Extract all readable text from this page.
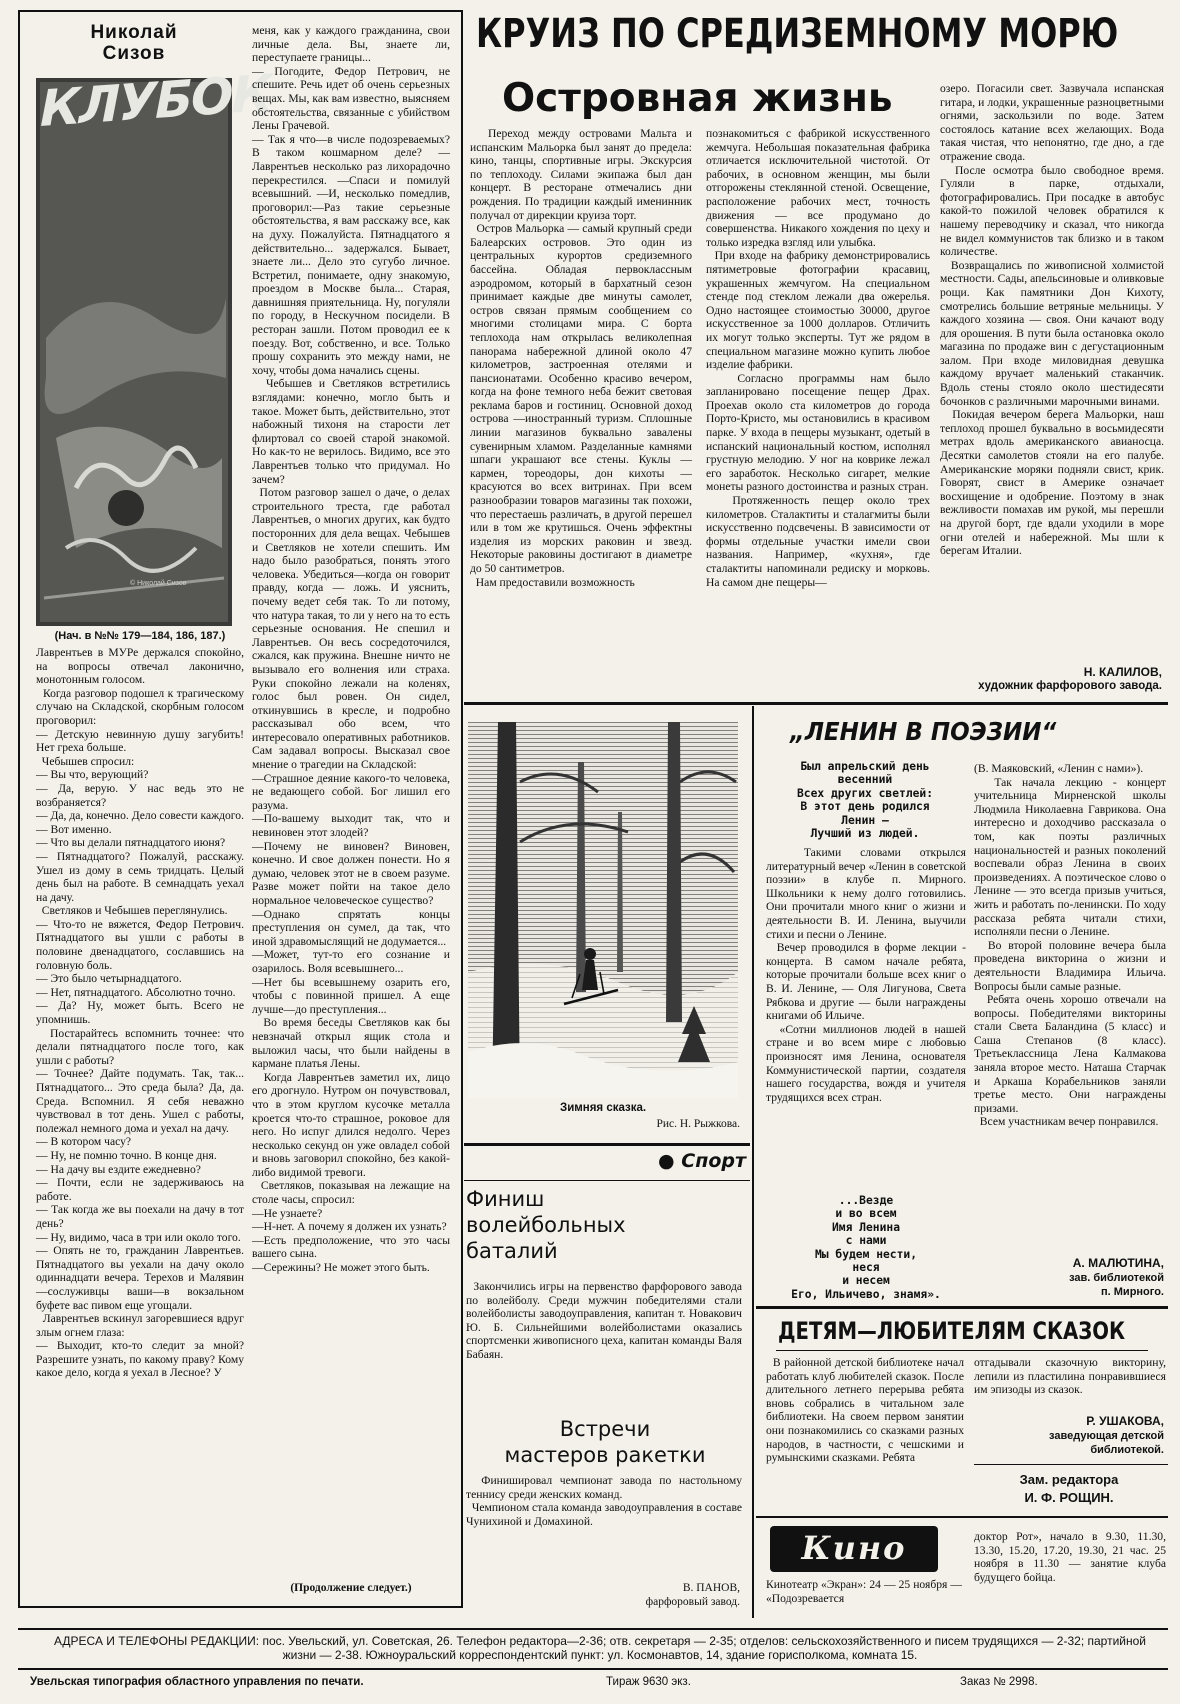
Николай
Сизов
КЛУБОК
© Николай Сизов
(Нач. в №№ 179—184, 186, 187.)

Лаврентьев в МУРе держался спокойно, на вопросы отвечал лаконично, монотонным голосом.
Когда разговор подошел к трагическому случаю на Складской, скорбным голосом проговорил:
— Детскую невинную душу загубить! Нет греха больше.
Чебышев спросил:
— Вы что, верующий?
— Да, верую. У нас ведь это не возбраняется?
— Да, да, конечно. Дело совести каждого.
— Вот именно.
— Что вы делали пятнадцатого июня?
— Пятнадцатого? Пожалуй, расскажу. Ушел из дому в семь тридцать. Целый день был на работе. В семнадцать уехал на дачу.
Светляков и Чебышев переглянулись.
— Что-то не вяжется, Федор Петрович. Пятнадцатого вы ушли с работы в половине двенадцатого, сославшись на головную боль.
— Это было четырнадцатого.
— Нет, пятнадцатого. Абсолютно точно.
— Да? Ну, может быть. Всего не упомнишь.
Постарайтесь вспомнить точнее: что делали пятнадцатого после того, как ушли с работы?
— Точнее? Дайте подумать. Так, так... Пятнадцатого... Это среда была? Да, да. Среда. Вспомнил. Я себя неважно чувствовал в тот день. Ушел с работы, полежал немного дома и уехал на дачу.
— В котором часу?
— Ну, не помню точно. В конце дня.
— На дачу вы ездите ежедневно?
— Почти, если не задерживаюсь на работе.
— Так когда же вы поехали на дачу в тот день?
— Ну, видимо, часа в три или около того.
— Опять не то, гражданин Лаврентьев. Пятнадцатого вы уехали на дачу около одиннадцати вечера. Терехов и Малявин—сослуживцы ваши—в вокзальном буфете вас пивом еще угощали.
Лаврентьев вскинул загоревшиеся вдруг злым огнем глаза:
— Выходит, кто-то следит за мной? Разрешите узнать, по какому праву? Кому какое дело, когда я уехал в Лесное? У

меня, как у каждого гражданина, свои личные дела. Вы, знаете ли, переступаете границы...
— Погодите, Федор Петрович, не спешите. Речь идет об очень серьезных вещах. Мы, как вам известно, выясняем обстоятельства, связанные с убийством Лены Грачевой.
— Так я что—в числе подозреваемых? В таком кошмарном деле? — Лаврентьев несколько раз лихорадочно перекрестился. —Спаси и помилуй всевышний. —И, несколько помедлив, проговорил:—Раз такие серьезные обстоятельства, я вам расскажу все, как на духу. Пожалуйста. Пятнадцатого я действительно... задержался. Бывает, знаете ли... Дело это сугубо личное. Встретил, понимаете, одну знакомую, проездом в Москве была... Старая, давнишняя приятельница. Ну, погуляли по городу, в Нескучном посидели. В ресторан зашли. Потом проводил ее к поезду. Вот, собственно, и все. Только прошу сохранить это между нами, не хочу, чтобы дома начались сцены.
Чебышев и Светляков встретились взглядами: конечно, могло быть и такое. Может быть, действительно, этот набожный тихоня на старости лет флиртовал со своей старой знакомой. Но как-то не верилось. Видимо, все это Лаврентьев только что придумал. Но зачем?
Потом разговор зашел о даче, о делах строительного треста, где работал Лаврентьев, о многих других, как будто посторонних для дела вещах. Чебышев и Светляков не хотели спешить. Им надо было разобраться, понять этого человека. Убедиться—когда он говорит правду, когда — ложь. И уяснить, почему ведет себя так. То ли потому, что натура такая, то ли у него на то есть серьезные основания. Не спешил и Лаврентьев. Он весь сосредоточился, сжался, как пружина. Внешне ничто не вызывало его волнения или страха. Руки спокойно лежали на коленях, голос был ровен. Он сидел, откинувшись в кресле, и подробно рассказывал обо всем, что интересовало оперативных работников. Сам задавал вопросы. Высказал свое мнение о трагедии на Складской:
—Страшное деяние какого-то человека, не ведающего собой. Бог лишил его разума.
—По-вашему выходит так, что и невиновен этот злодей?
—Почему не виновен? Виновен, конечно. И свое должен понести. Но я думаю, человек этот не в своем разуме. Разве может пойти на такое дело нормальное человеческое существо?
—Однако спрятать концы преступления он сумел, да так, что иной здравомыслящий не додумается...
—Может, тут-то его сознание и озарилось. Воля всевышнего...
—Нет бы всевышнему озарить его, чтобы с повинной пришел. А еще лучше—до преступления...
Во время беседы Светляков как бы невзначай открыл ящик стола и выложил часы, что были найдены в кармане платья Лены.
Когда Лаврентьев заметил их, лицо его дрогнуло. Нутром он почувствовал, что в этом круглом кусочке металла кроется что-то страшное, роковое для него. Но испуг длился недолго. Через несколько секунд он уже овладел собой и вновь заговорил спокойно, без какой-либо видимой тревоги.
Светляков, показывая на лежащие на столе часы, спросил:
—Не узнаете?
—Н-нет. А почему я должен их узнать?
—Есть предположение, что это часы вашего сына.
—Сережины? Не может этого быть.

(Продолжение следует.)
КРУИЗ ПО СРЕДИЗЕМНОМУ МОРЮ
Островная жизнь

Переход между островами Мальта и испанским Мальорка был занят до предела: кино, танцы, спортивные игры. Экскурсия по теплоходу. Силами экипажа был дан концерт. В ресторане отмечались дни рождения. По традиции каждый именинник получал от дирекции круиза торт.
Остров Мальорка — самый крупный среди Балеарских островов. Это один из центральных курортов средиземного бассейна. Обладая первоклассным аэродромом, который в бархатный сезон принимает каждые две минуты самолет, остров связан прямым сообщением со многими столицами мира. С борта теплохода нам открылась великолепная панорама набережной длиной около 47 километров, застроенная отелями и пансионатами. Особенно красиво вечером, когда на фоне темного неба бежит световая реклама баров и гостиниц. Основной доход острова —иностранный туризм. Сплошные линии магазинов буквально завалены сувенирным хламом. Разделанные камнями шпаги украшают все стены. Куклы — кармен, тореодоры, дон кихоты — красуются во всех витринах. При всем разнообразии товаров магазины так похожи, что перестаешь различать, в другой перешел или в том же крутишься. Очень эффектны изделия из морских раковин и звезд. Некоторые раковины достигают в диаметре до 50 сантиметров.
Нам предоставили возможность

познакомиться с фабрикой искусственного жемчуга. Небольшая показательная фабрика отличается исключительной чистотой. От рабочих, в основном женщин, мы были отгорожены стеклянной стеной. Освещение, расположение рабочих мест, точность движения — все продумано до совершенства. Никакого хождения по цеху и только изредка взгляд или улыбка.
При входе на фабрику демонстрировались пятиметровые фотографии красавиц, украшенных жемчугом. На специальном стенде под стеклом лежали два ожерелья. Одно настоящее стоимостью 30000, другое искусственное за 1000 долларов. Отличить их могут только эксперты. Тут же рядом в специальном магазине можно купить любое изделие фабрики.
Согласно программы нам было запланировано посещение пещер Драх. Проехав около ста километров до города Порто-Кристо, мы остановились в красивом парке. У входа в пещеры музыкант, одетый в испанский национальный костюм, исполнял грустную мелодию. У ног на коврике лежал его заработок. Несколько сигарет, мелкие монеты разного достоинства и разных стран.
Протяженность пещер около трех километров. Сталактиты и сталагмиты были искусственно подсвечены. В зависимости от формы отдельные участки имели свои названия. Например, «кухня», где сталактиты напоминали редиску и морковь. На самом дне пещеры—

озеро. Погасили свет. Зазвучала испанская гитара, и лодки, украшенные разноцветными огнями, заскользили по воде. Затем состоялось катание всех желающих. Вода такая чистая, что непонятно, где дно, а где отражение свода.
После осмотра было свободное время. Гуляли в парке, отдыхали, фотографировались. При посадке в автобус какой-то пожилой человек обратился к нашему переводчику и сказал, что никогда не видел коммунистов так близко и в таком количестве.
Возвращались по живописной холмистой местности. Сады, апельсиновые и оливковые рощи. Как памятники Дон Кихоту, смотрелись большие ветряные мельницы. У каждого хозяина — своя. Они качают воду для орошения. В пути была остановка около магазина по продаже вин с дегустационным залом. При входе миловидная девушка каждому вручает маленький стаканчик. Вдоль стены стояло около шестидесяти бочонков с различными марочными винами.
Покидая вечером берега Мальорки, наш теплоход прошел буквально в восьмидесяти метрах вдоль американского авианосца. Десятки самолетов стояли на его палубе. Американские моряки подняли свист, крик. Говорят, свист в Америке означает восхищение и одобрение. Поэтому в знак вежливости помахав им рукой, мы перешли на другой борт, где вдали уходили в море огни отелей и набережной. Мы шли к берегам Италии.

Н. КАЛИЛОВ,
художник фарфорового завода.
Зимняя сказка.
Рис. Н. Рыжкова.
● Спорт
Финиш
волейбольных
баталий

Закончились игры на первенство фарфорового завода по волейболу. Среди мужчин победителями стали волейболисты заводоуправления, капитан т. Новакович Ю. Б. Сильнейшими волейболистами оказались спортсменки живописного цеха, капитан команды Валя Бабаян.

Встречи
мастеров ракетки

Финишировал чемпионат завода по настольному теннису среди женских команд.
Чемпионом стала команда заводоуправления в составе Чунихиной и Домахиной.

В. ПАНОВ,
фарфоровый завод.
„ЛЕНИН В ПОЭЗИИ“
Был апрельский день
весенний
Всех других светлей:
В этот день родился
Ленин —
Лучший из людей.

Такими словами открылся литературный вечер «Ленин в советской поэзии» в клубе п. Мирного. Школьники к нему долго готовились. Они прочитали много книг о жизни и деятельности В. И. Ленина, выучили стихи и песни о Ленине.
Вечер проводился в форме лекции - концерта. В самом начале ребята, которые прочитали больше всех книг о В. И. Ленине, — Оля Лигунова, Света Рябкова и другие — были награждены книгами об Ильиче.
«Сотни миллионов людей в нашей стране и во всем мире с любовью произносят имя Ленина, основателя Коммунистической партии, создателя нашего государства, вождя и учителя трудящихся всех стран.

...Везде
и во всем
Имя Ленина
с нами
Мы будем нести,
неся
и несем
Его, Ильичево, знамя».

(В. Маяковский, «Ленин с нами»).
Так начала лекцию - концерт учительница Мирненской школы Людмила Николаевна Гаврикова. Она интересно и доходчиво рассказала о том, как поэты различных национальностей и разных поколений воспевали образ Ленина в своих произведениях. А поэтическое слово о Ленине — это всегда призыв учиться, жить и работать по-ленински. По ходу рассказа ребята читали стихи, исполняли песни о Ленине.
Во второй половине вечера была проведена викторина о жизни и деятельности Владимира Ильича. Вопросы были самые разные.
Ребята очень хорошо отвечали на вопросы. Победителями викторины стали Света Баландина (5 класс) и Саша Степанов (8 класс). Третьеклассница Лена Калмакова заняла второе место. Наташа Старчак и Аркаша Корабельников заняли третье место. Они награждены призами.
Всем участникам вечер понравился.

А. МАЛЮТИНА,
зав. библиотекой
п. Мирного.
ДЕТЯМ—ЛЮБИТЕЛЯМ СКАЗОК

В районной детской библиотеке начал работать клуб любителей сказок. После длительного летнего перерыва ребята вновь собрались в читальном зале библиотеки. На своем первом занятии они познакомились со сказками разных народов, в частности, с чешскими и румынскими сказками. Ребята

отгадывали сказочную викторину, лепили из пластилина понравившиеся им эпизоды из сказок.

Р. УШАКОВА,
заведующая детской библиотекой.
Зам. редактора
И. Ф. РОЩИН.
Кино

Кинотеатр «Экран»: 24 — 25 ноября — «Подозревается

доктор Рот», начало в 9.30, 11.30, 13.30, 15.20, 17.20, 19.30, 21 час. 25 ноября в 11.30 — занятие клуба будущего бойца.

АДРЕСА И ТЕЛЕФОНЫ РЕДАКЦИИ: пос. Увельский, ул. Советская, 26. Телефон редактора—2-36; отв. секретаря — 2-35; отделов: сельскохозяйственного и писем трудящихся — 2-32; партийной жизни — 2-38. Южноуральский корреспондентский пункт: ул. Космонавтов, 14, здание горисполкома, комната 15.

Увельская типография областного управления по печати.	Тираж 9630 экз.	Заказ № 2998.
